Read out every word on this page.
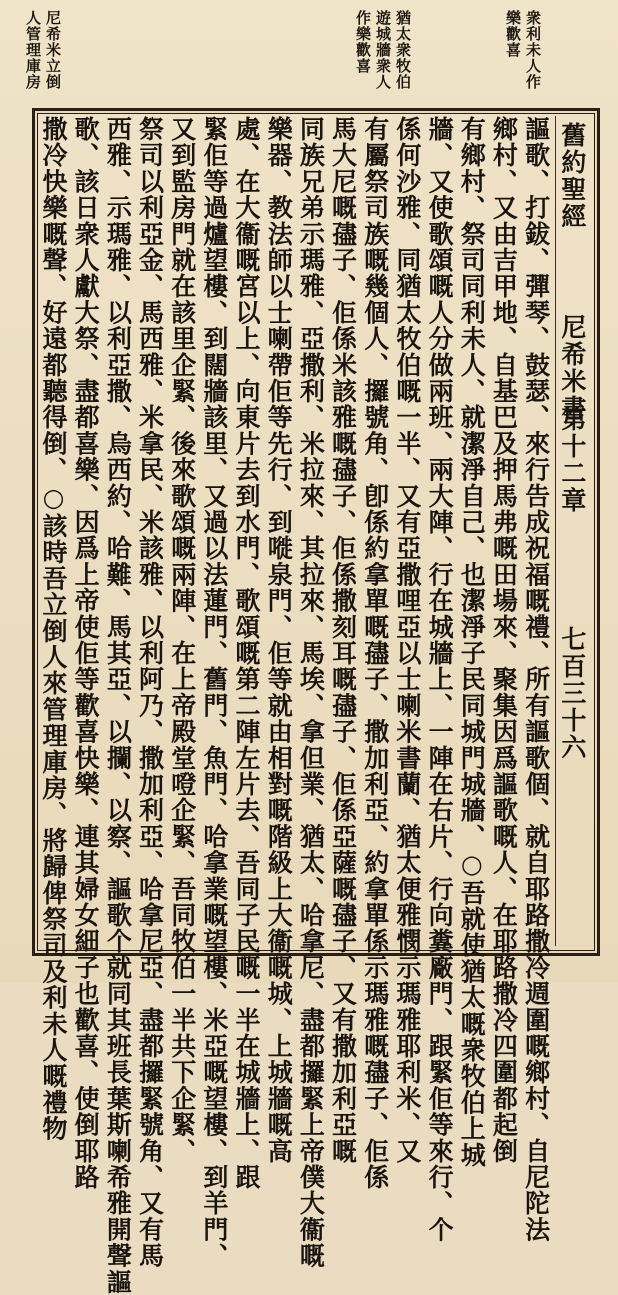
衆利未人作
樂歡喜
猶太衆牧伯
遊城牆衆人
作樂歡喜
尼希米立倒
人管理庫房
舊約聖經
尼希米書
第十二章
七百三十六
謳歌、打鈸、彈琴、鼓瑟、來行告成祝福嘅禮、所有謳歌個、就自耶路撒冷週圍嘅鄉村、自尼陀法
鄉村、又由吉甲地、自基巴及押馬弗嘅田場來、聚集因爲謳歌嘅人、在耶路撒冷四圍都起倒
有鄉村、祭司同利未人、就潔淨自己、也潔淨子民同城門城牆、○吾就使猶太嘅衆牧伯上城
牆、又使歌頌嘅人分做兩班、兩大陣、行在城牆上、一陣在右片、行向糞廠門、跟緊佢等來行、个
係何沙雅、同猶太牧伯嘅一半、又有亞撒哩亞以士喇米書蘭、猶太便雅憫示瑪雅耶利米、又
有屬祭司族嘅幾個人、攞號角、卽係約拿單嘅孻子、撒加利亞、約拿單係示瑪雅嘅孻子、佢係
馬大尼嘅孻子、佢係米該雅嘅孻子、佢係撒刻耳嘅孻子、佢係亞薩嘅孻子、又有撒加利亞嘅
同族兄弟示瑪雅、亞撒利、米拉來、其拉來、馬埃、拿但業、猶太、哈拿尼、盡都攞緊上帝僕大衞嘅
樂器、教法師以士喇帶佢等先行、到嘥泉門、佢等就由相對嘅階級上大衞嘅城、上城牆嘅高
處、在大衞嘅宮以上、向東片去到水門、歌頌嘅第二陣左片去、吾同子民嘅一半在城牆上、跟
緊佢等過爐望樓、到闊牆該里、又過以法蓮門、舊門、魚門、哈拿業嘅望樓、米亞嘅望樓、到羊門、
又到監房門就在該里企緊、後來歌頌嘅兩陣、在上帝殿堂噔企緊、吾同牧伯一半共下企緊、
祭司以利亞金、馬西雅、米拿民、米該雅、以利阿乃、撒加利亞、哈拿尼亞、盡都攞緊號角、又有馬
西雅、示瑪雅、以利亞撒、烏西約、哈難、馬其亞、以攔、以察、謳歌个就同其班長葉斯喇希雅開聲謳
歌、該日衆人獻大祭、盡都喜樂、因爲上帝使佢等歡喜快樂、連其婦女細子也歡喜、使倒耶路
撒冷快樂嘅聲、好遠都聽得倒、○該時吾立倒人來管理庫房、將歸俾祭司及利未人嘅禮物
